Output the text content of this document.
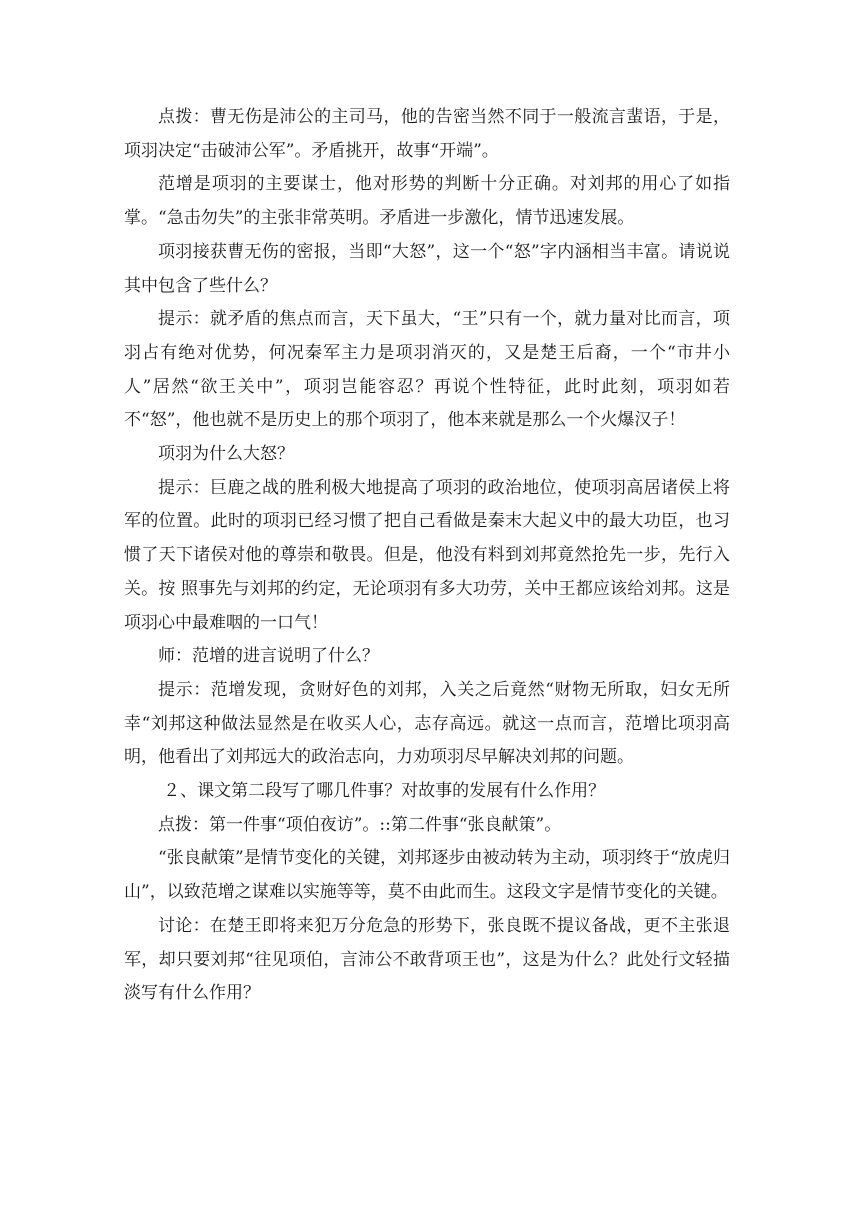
点拨：曹无伤是沛公的主司马，他的告密当然不同于一般流言蜚语，于是，项羽决定“击破沛公军”。矛盾挑开，故事“开端”。

范增是项羽的主要谋士，他对形势的判断十分正确。对刘邦的用心了如指掌。“急击勿失”的主张非常英明。矛盾进一步激化，情节迅速发展。

项羽接获曹无伤的密报，当即“大怒”，这一个“怒”字内涵相当丰富。请说说其中包含了些什么？

提示：就矛盾的焦点而言，天下虽大，“王”只有一个，就力量对比而言，项羽占有绝对优势，何况秦军主力是项羽消灭的，又是楚王后裔，一个“市井小人”居然“欲王关中”，项羽岂能容忍？再说个性特征，此时此刻，项羽如若不“怒”，他也就不是历史上的那个项羽了，他本来就是那么一个火爆汉子！

项羽为什么大怒？

提示：巨鹿之战的胜利极大地提高了项羽的政治地位，使项羽高居诸侯上将军的位置。此时的项羽已经习惯了把自己看做是秦末大起义中的最大功臣，也习惯了天下诸侯对他的尊崇和敬畏。但是，他没有料到刘邦竟然抢先一步，先行入关。按 照事先与刘邦的约定，无论项羽有多大功劳，关中王都应该给刘邦。这是项羽心中最难咽的一口气！

师：范增的进言说明了什么？

提示：范增发现，贪财好色的刘邦，入关之后竟然“财物无所取，妇女无所幸“刘邦这种做法显然是在收买人心，志存高远。就这一点而言，范增比项羽高明，他看出了刘邦远大的政治志向，力劝项羽尽早解决刘邦的问题。

２、课文第二段写了哪几件事？对故事的发展有什么作用？

点拨：第一件事“项伯夜访”。::第二件事“张良献策”。

“张良献策”是情节变化的关键，刘邦逐步由被动转为主动，项羽终于“放虎归山”，以致范增之谋难以实施等等，莫不由此而生。这段文字是情节变化的关键。

讨论：在楚王即将来犯万分危急的形势下，张良既不提议备战，更不主张退军，却只要刘邦“往见项伯，言沛公不敢背项王也”，这是为什么？此处行文轻描淡写有什么作用？
